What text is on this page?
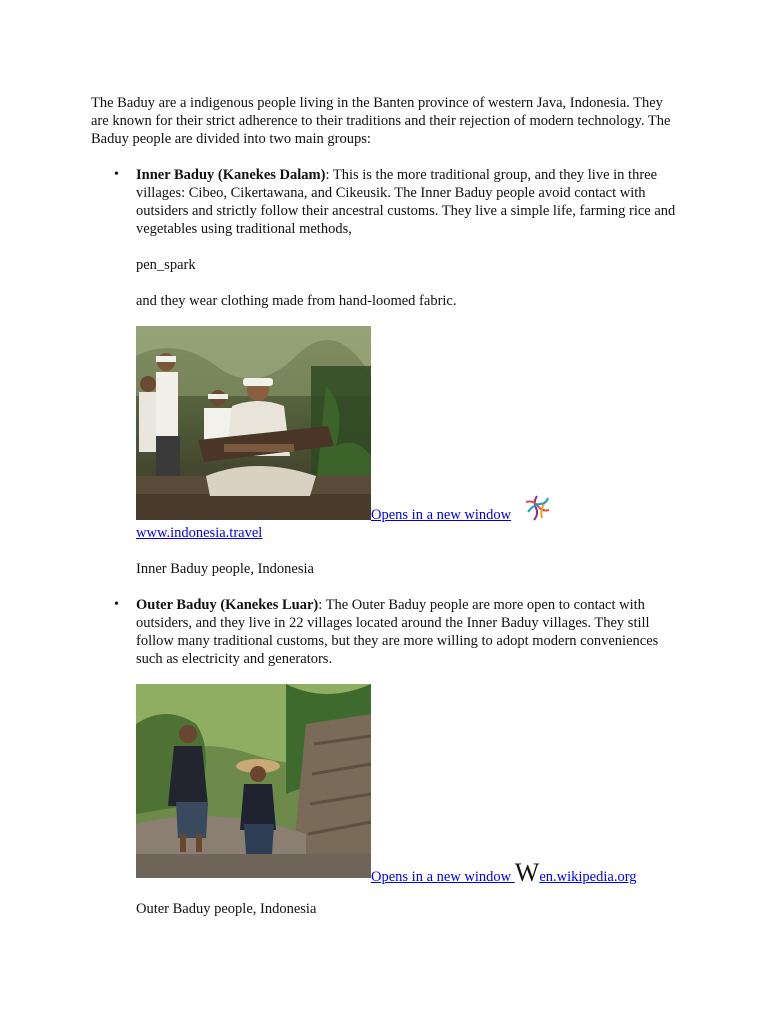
The Baduy are a indigenous people living in the Banten province of western Java, Indonesia. They are known for their strict adherence to their traditions and their rejection of modern technology. The Baduy people are divided into two main groups:

• Inner Baduy (Kanekes Dalam): This is the more traditional group, and they live in three villages: Cibeo, Cikertawana, and Cikeusik. The Inner Baduy people avoid contact with outsiders and strictly follow their ancestral customs. They live a simple life, farming rice and vegetables using traditional methods,

pen_spark

and they wear clothing made from hand-loomed fabric.

Opens in a new window
www.indonesia.travel

Inner Baduy people, Indonesia

• Outer Baduy (Kanekes Luar): The Outer Baduy people are more open to contact with outsiders, and they live in 22 villages located around the Inner Baduy villages. They still follow many traditional customs, but they are more willing to adopt modern conveniences such as electricity and generators.

Opens in a new window Wen.wikipedia.org

Outer Baduy people, Indonesia
